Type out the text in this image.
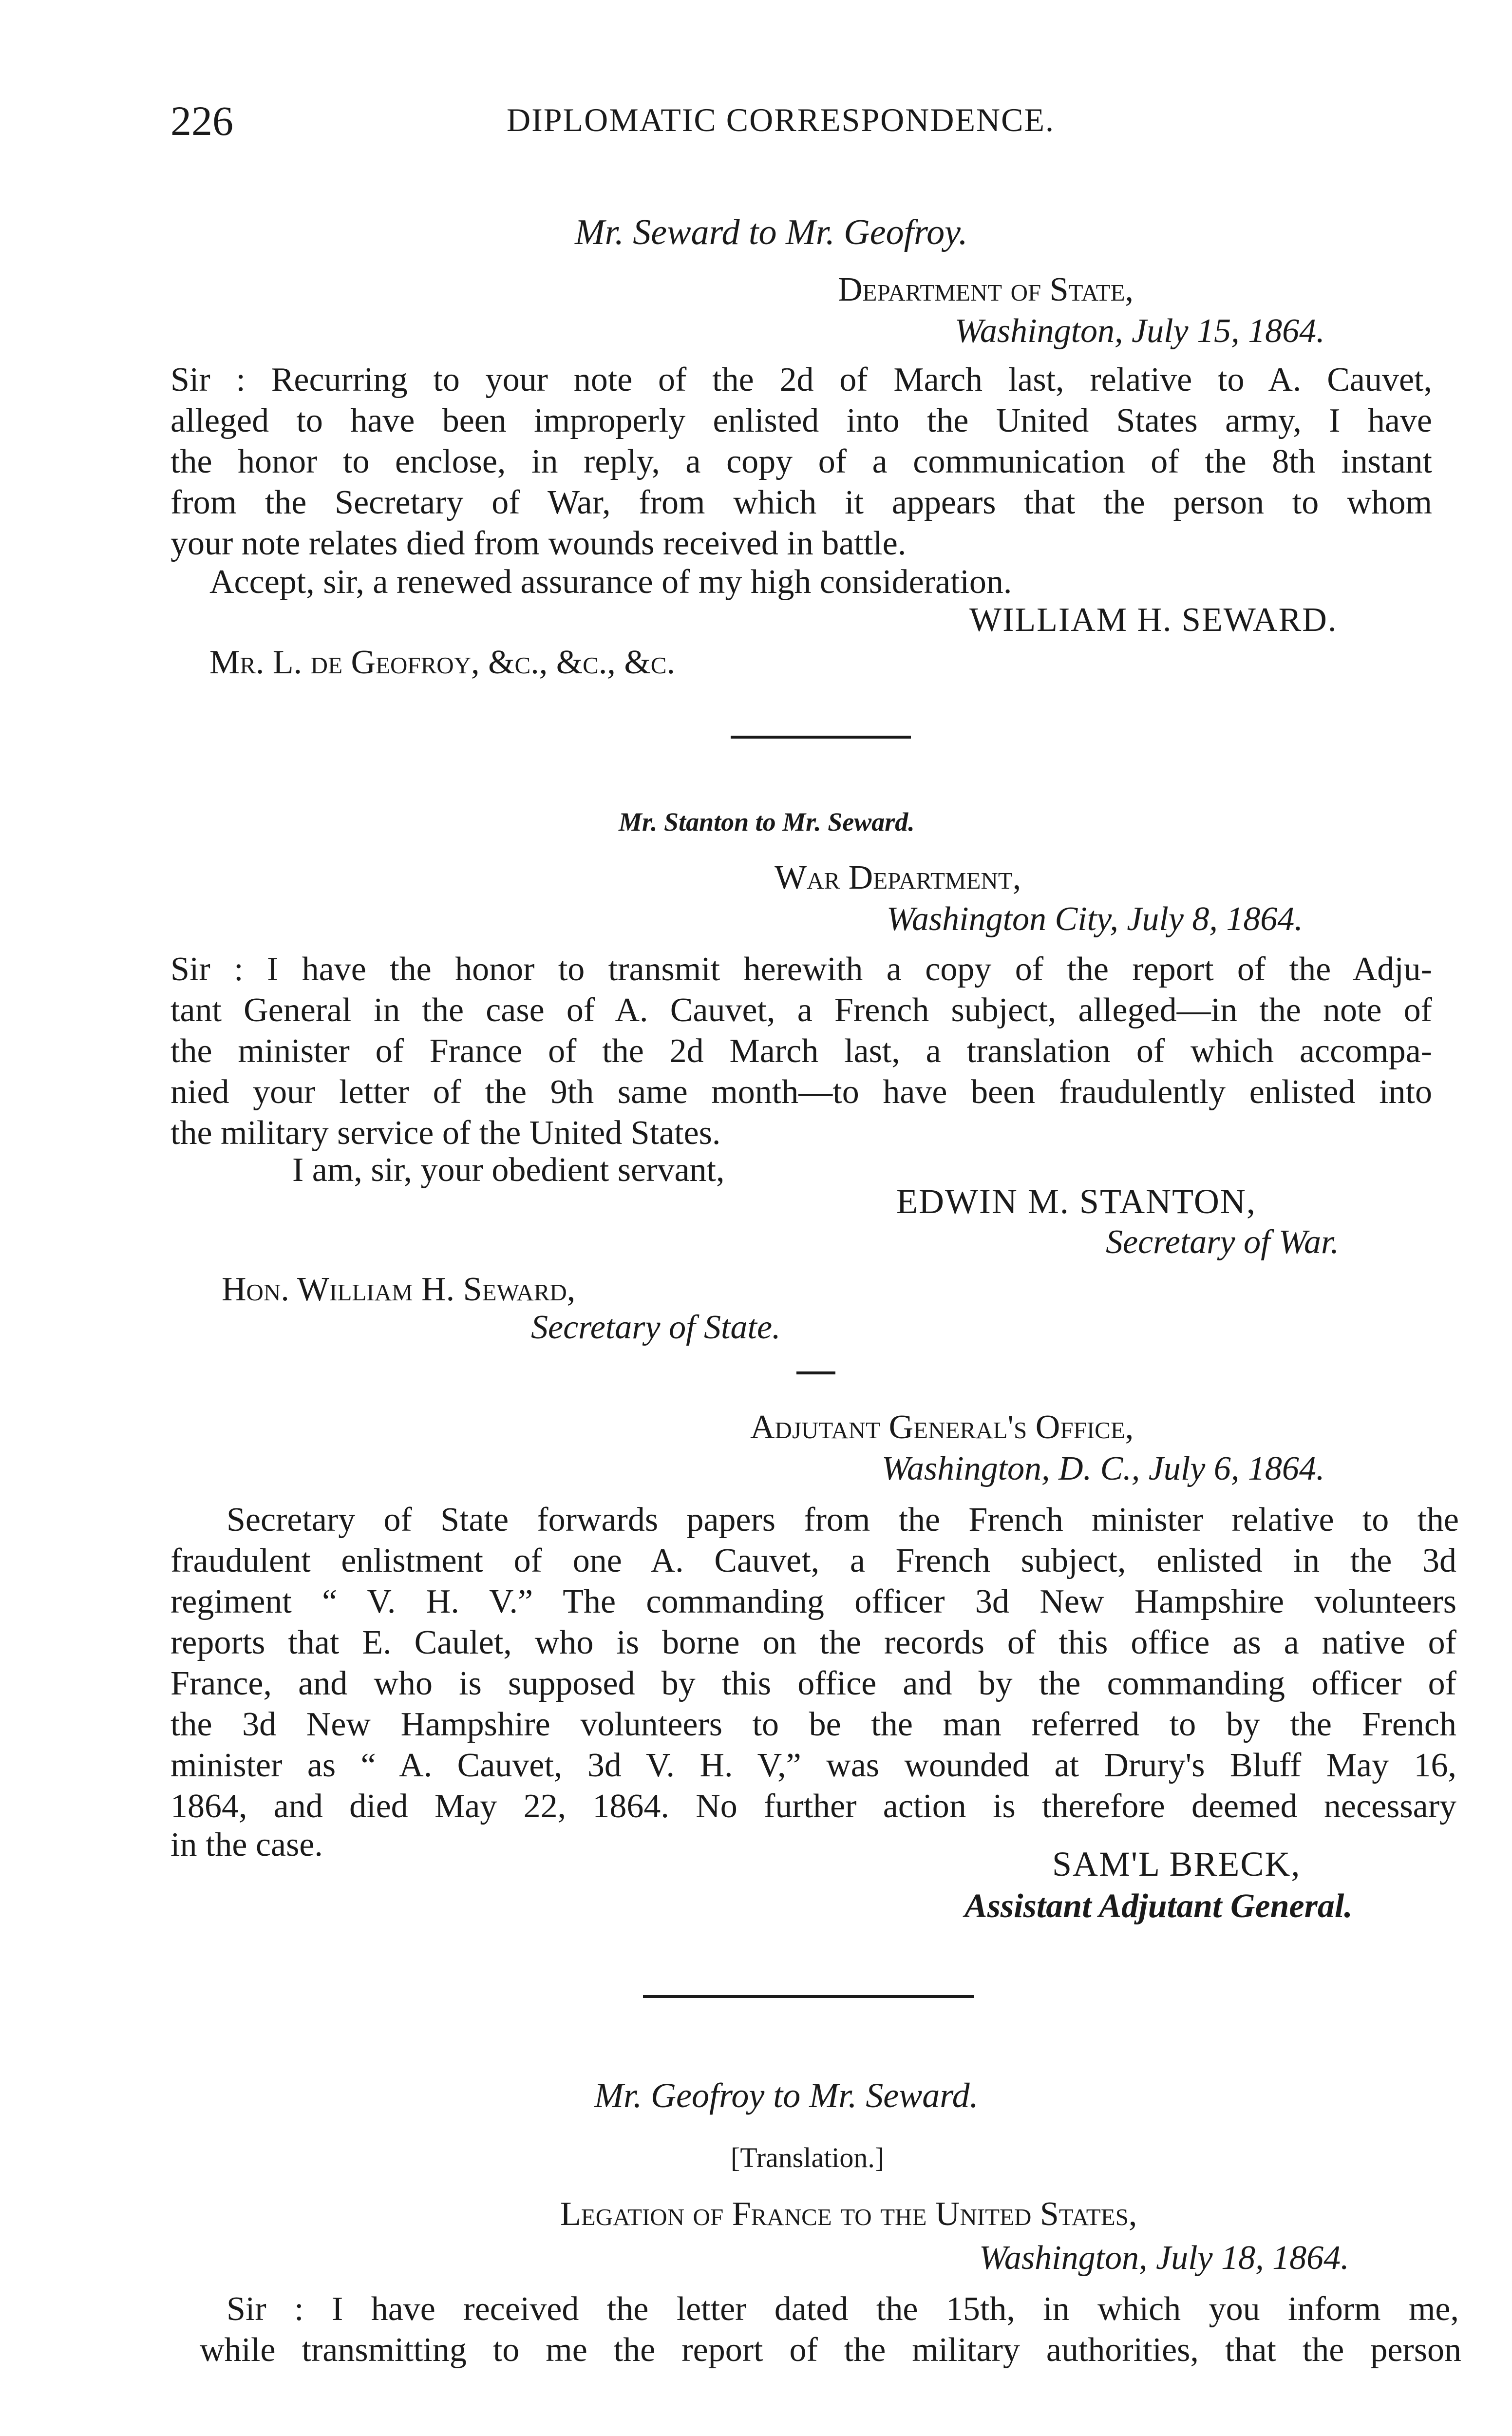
226	DIPLOMATIC CORRESPONDENCE.
Mr. Seward to Mr. Geofroy.
Department of State,
Washington, July 15, 1864.
Sir : Recurring to your note of the 2d of March last, relative to A. Cauvet,
alleged to have been improperly enlisted into the United States army, I have
the honor to enclose, in reply, a copy of a communication of the 8th instant
from the Secretary of War, from which it appears that the person to whom
your note relates died from wounds received in battle.
Accept, sir, a renewed assurance of my high consideration.
WILLIAM H. SEWARD.
Mr. L. de Geofroy, &c., &c., &c.
Mr. Stanton to Mr. Seward.
War Department,
Washington City, July 8, 1864.
Sir : I have the honor to transmit herewith a copy of the report of the Adju-
tant General in the case of A. Cauvet, a French subject, alleged—in the note of
the minister of France of the 2d March last, a translation of which accompa-
nied your letter of the 9th same month—to have been fraudulently enlisted into
the military service of the United States.
I am, sir, your obedient servant,
EDWIN M. STANTON,
Secretary of War.
Hon. William H. Seward,
Secretary of State.
Adjutant General's Office,
Washington, D. C., July 6, 1864.
Secretary of State forwards papers from the French minister relative to the
fraudulent enlistment of one A. Cauvet, a French subject, enlisted in the 3d
regiment “ V. H. V.” The commanding officer 3d New Hampshire volunteers
reports that E. Caulet, who is borne on the records of this office as a native of
France, and who is supposed by this office and by the commanding officer of
the 3d New Hampshire volunteers to be the man referred to by the French
minister as “ A. Cauvet, 3d V. H. V,” was wounded at Drury's Bluff May 16,
1864, and died May 22, 1864. No further action is therefore deemed necessary
in the case.	SAM'L BRECK,
Assistant Adjutant General.
Mr. Geofroy to Mr. Seward.
[Translation.]
Legation of France to the United States,
Washington, July 18, 1864.
Sir : I have received the letter dated the 15th, in which you inform me,
while transmitting to me the report of the military authorities, that the person
